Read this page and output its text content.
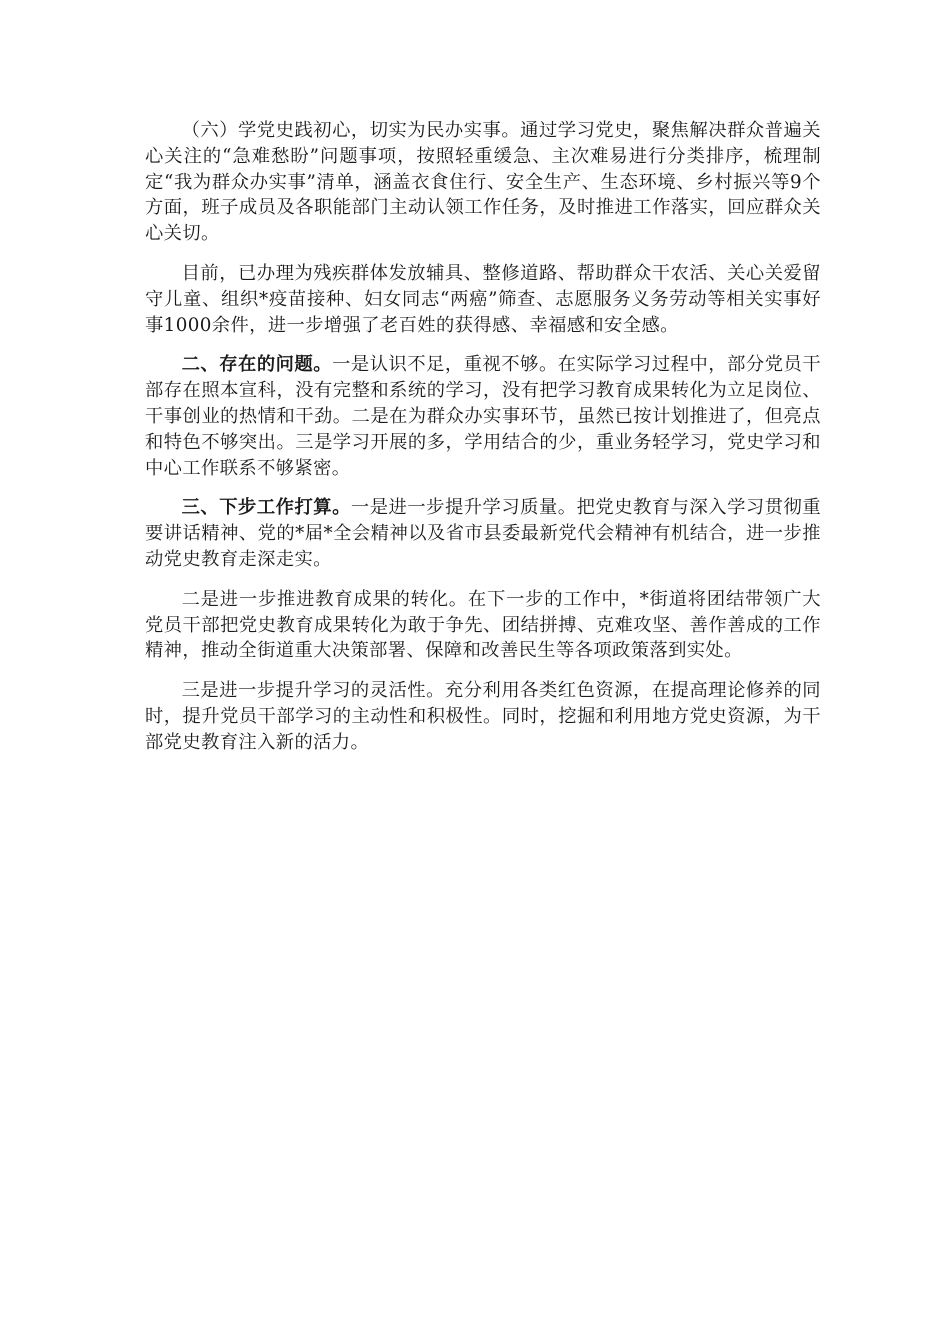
（六）学党史践初心，切实为民办实事。通过学习党史，聚焦解决群众普遍关心关注的“急难愁盼”问题事项，按照轻重缓急、主次难易进行分类排序，梳理制定“我为群众办实事”清单，涵盖衣食住行、安全生产、生态环境、乡村振兴等9个方面，班子成员及各职能部门主动认领工作任务，及时推进工作落实，回应群众关心关切。

目前，已办理为残疾群体发放辅具、整修道路、帮助群众干农活、关心关爱留守儿童、组织*疫苗接种、妇女同志“两癌”筛查、志愿服务义务劳动等相关实事好事1000余件，进一步增强了老百姓的获得感、幸福感和安全感。

二、存在的问题。一是认识不足，重视不够。在实际学习过程中，部分党员干部存在照本宣科，没有完整和系统的学习，没有把学习教育成果转化为立足岗位、干事创业的热情和干劲。二是在为群众办实事环节，虽然已按计划推进了，但亮点和特色不够突出。三是学习开展的多，学用结合的少，重业务轻学习，党史学习和中心工作联系不够紧密。

三、下步工作打算。一是进一步提升学习质量。把党史教育与深入学习贯彻重要讲话精神、党的*届*全会精神以及省市县委最新党代会精神有机结合，进一步推动党史教育走深走实。

二是进一步推进教育成果的转化。在下一步的工作中，*街道将团结带领广大党员干部把党史教育成果转化为敢于争先、团结拼搏、克难攻坚、善作善成的工作精神，推动全街道重大决策部署、保障和改善民生等各项政策落到实处。

三是进一步提升学习的灵活性。充分利用各类红色资源，在提高理论修养的同时，提升党员干部学习的主动性和积极性。同时，挖掘和利用地方党史资源，为干部党史教育注入新的活力。
